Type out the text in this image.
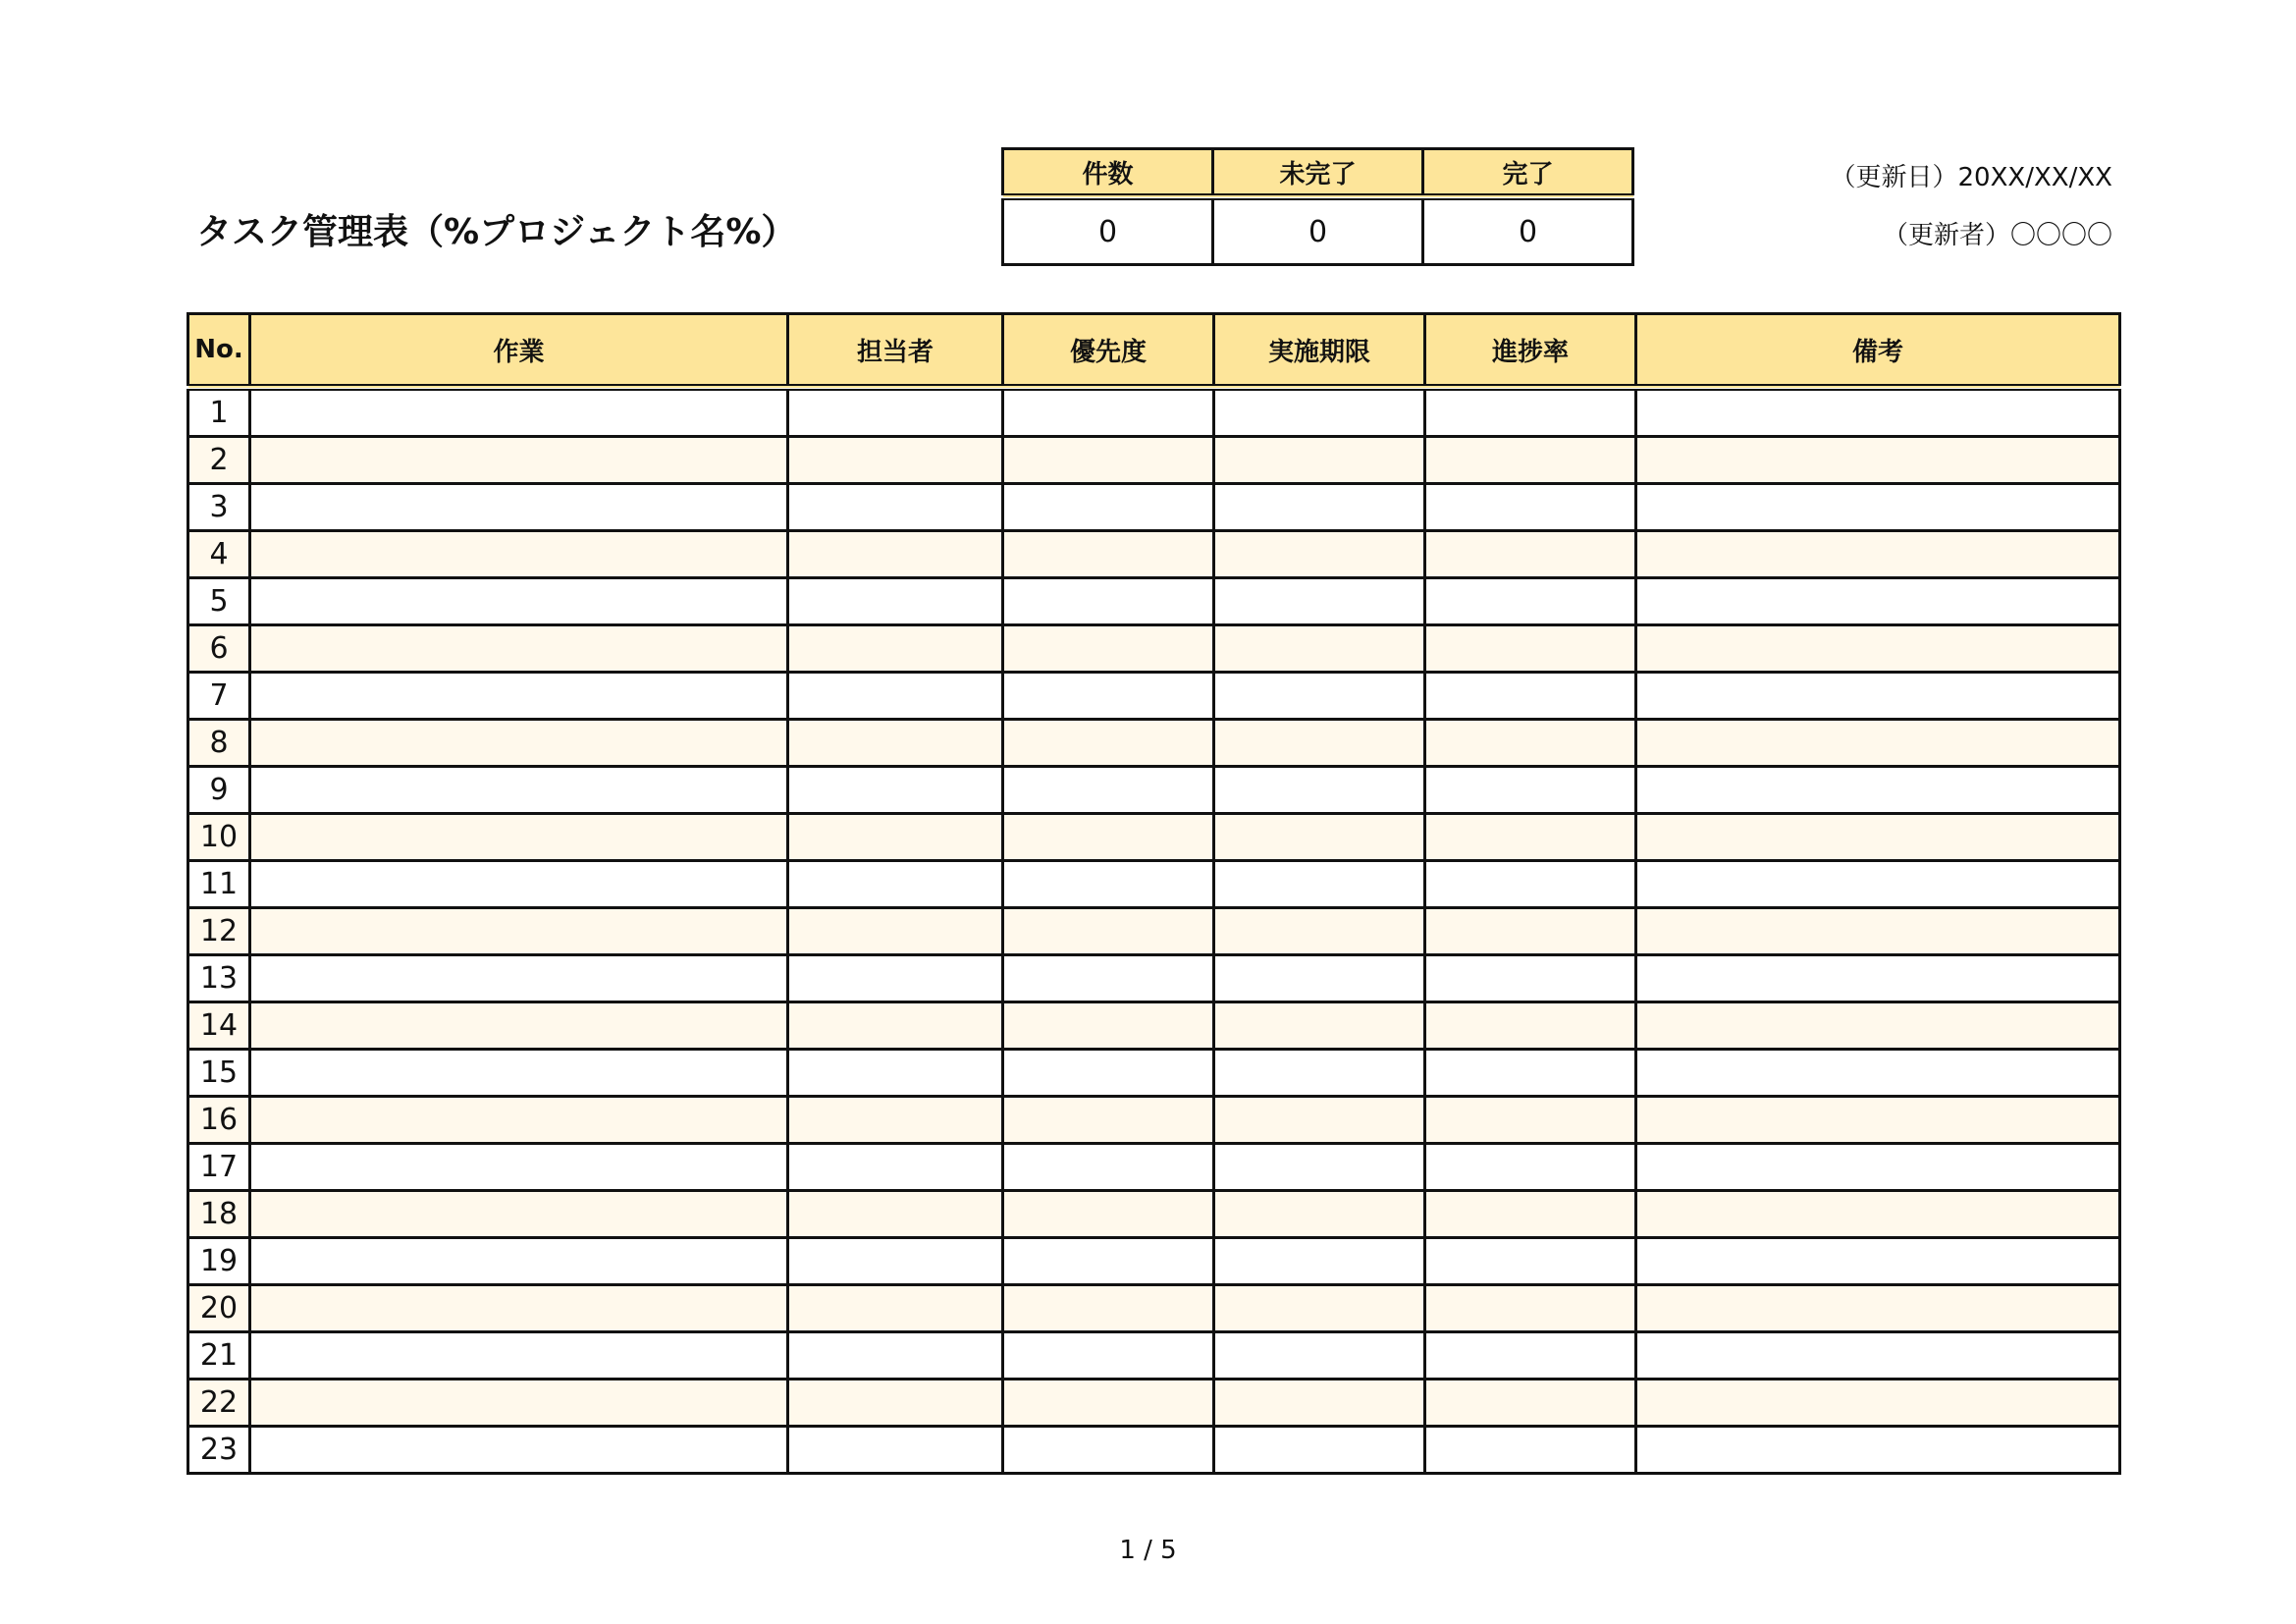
タスク管理表（%プロジェクト名%）
（更新日）20XX/XX/XX
（更新者）〇〇〇〇
件数	未完了	完了
0	0	0
No.	作業	担当者	優先度	実施期限	進捗率	備考
1						
2						
3						
4						
5						
6						
7						
8						
9						
10						
11						
12						
13						
14						
15						
16						
17						
18						
19						
20						
21						
22						
23						
1 / 5
